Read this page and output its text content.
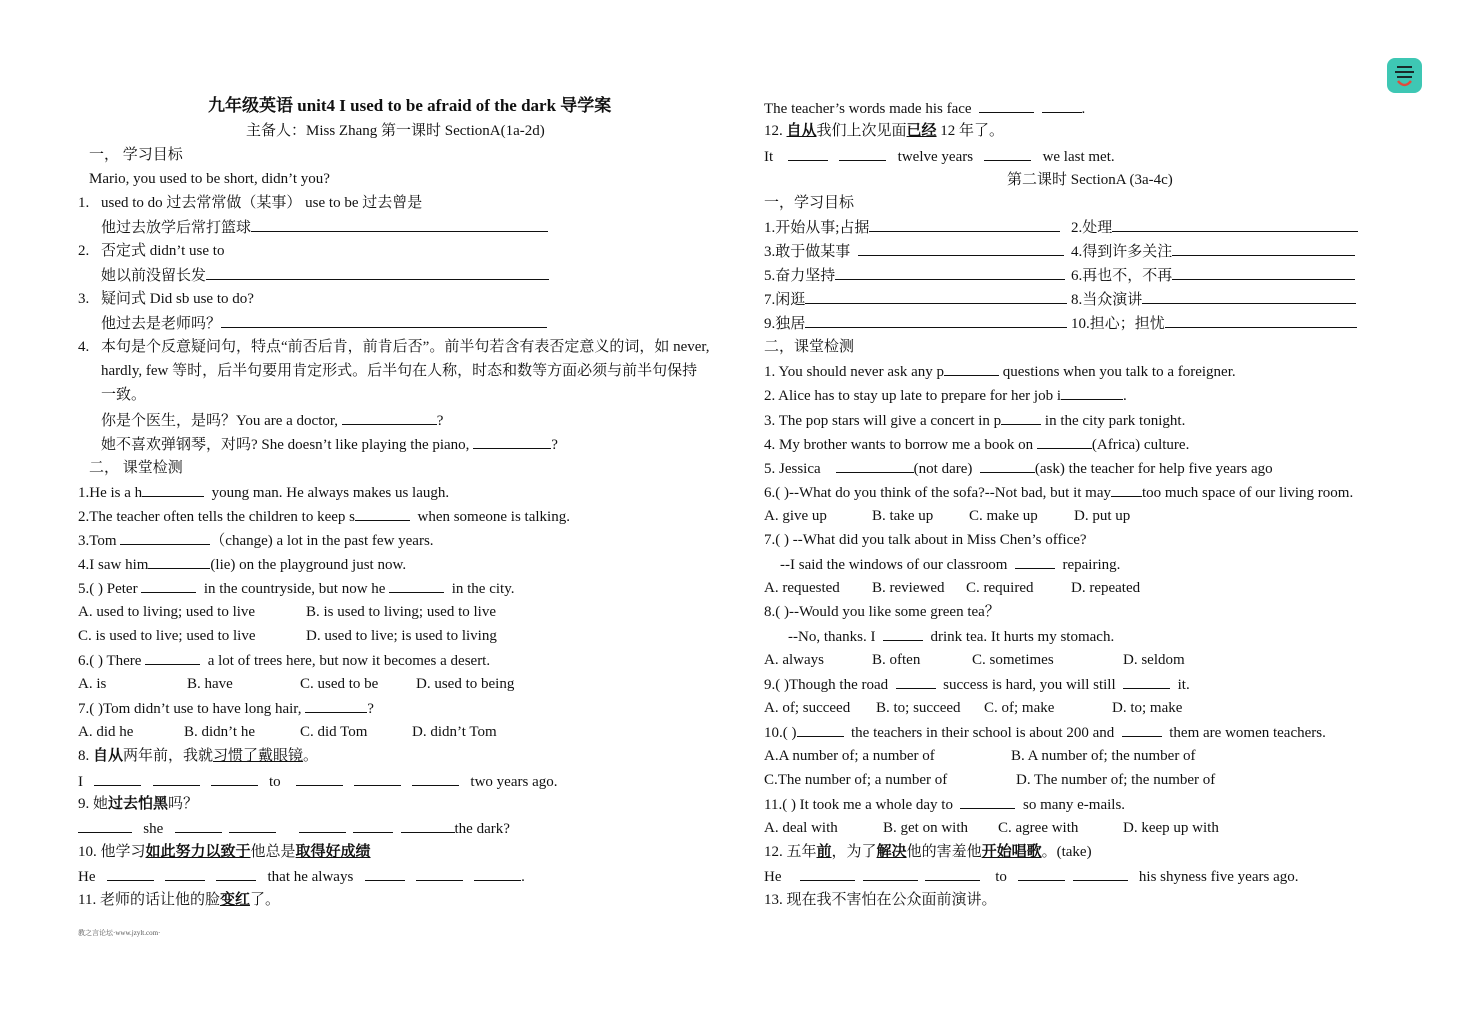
九年级英语 unit4 I used to be afraid of the dark 导学案
主备人：Miss Zhang 第一课时 SectionA(1a-2d)
一， 学习目标
Mario, you used to be short, didn’t you?
1. used to do 过去常常做（某事） use to be 过去曾是
他过去放学后常打篮球
2. 否定式 didn’t use to
她以前没留长发
3. 疑问式 Did sb use to do?
他过去是老师吗？
4. 本句是个反意疑问句，特点“前否后肯，前肯后否”。前半句若含有表否定意义的词，如 never,
hardly, few 等时，后半句要用肯定形式。后半句在人称，时态和数等方面必须与前半句保持
一致。
你是个医生，是吗？You are a doctor,	?
她不喜欢弹钢琴，对吗? She doesn’t like playing the piano,	?
二， 课堂检测
1.He is a h	young man. He always makes us laugh.
2.The teacher often tells the children to keep s	when someone is talking.
3.Tom	（change) a lot in the past few years.
4.I saw him	(lie) on the playground just now.
5.( ) Peter	in the countryside, but now he	in the city.
A. used to living; used to live	B. is used to living; used to live
C. is used to live; used to live	D. used to live; is used to living
6.( ) There	a lot of trees here, but now it becomes a desert.
A. is	B. have	C. used to be	D. used to being
7.( )Tom didn’t use to have long hair,	?
A. did he	B. didn’t he	C. did Tom	D. didn’t Tom
8. 自从两年前，我就习惯了戴眼镜。
I	to	two years ago.
9. 她过去怕黑吗？
she	the dark?
10. 他学习如此努力以致于他总是取得好成绩
He	that he always	.
11. 老师的话让他的脸变红了。
教之言论坛·www.jzylt.com·
The teacher’s words made his face	.
12. 自从我们上次见面已经 12 年了。
It	twelve years	we last met.
第二课时 SectionA (3a-4c)
一，学习目标
1.开始从事;占据	2.处理
3.敢于做某事	4.得到许多关注
5.奋力坚持	6.再也不，不再
7.闲逛	8.当众演讲
9.独居	10.担心；担忧
二，课堂检测
1. You should never ask any p	questions when you talk to a foreigner.
2. Alice has to stay up late to prepare for her job i	.
3. The pop stars will give a concert in p	in the city park tonight.
4. My brother wants to borrow me a book on	(Africa) culture.
5. Jessica	(not dare)	(ask) the teacher for help five years ago
6.( )--What do you think of the sofa?--Not bad, but it may too much space of our living room.
A. give up	B. take up C. make up D. put up
7.( ) --What did you talk about in Miss Chen’s office?
--I said the windows of our classroom	repairing.
A. requested B. reviewed C. required	D. repeated
8.( )--Would you like some green tea？
--No, thanks. I	drink tea. It hurts my stomach.
A. always	B. often	C. sometimes	D. seldom
9.( )Though the road	success is hard, you will still	it.
A. of; succeed B. to; succeed C. of; make	D. to; make
10.( )	the teachers in their school is about 200 and	them are women teachers.
A.A number of; a number of	B. A number of; the number of
C.The number of; a number of	D. The number of; the number of
11.( ) It took me a whole day to	so many e-mails.
A. deal with	B. get on with C. agree with	D. keep up with
12. 五年前，为了解决他的害羞他开始唱歌。(take)
He	to	his shyness five years ago.
13. 现在我不害怕在公众面前演讲。
